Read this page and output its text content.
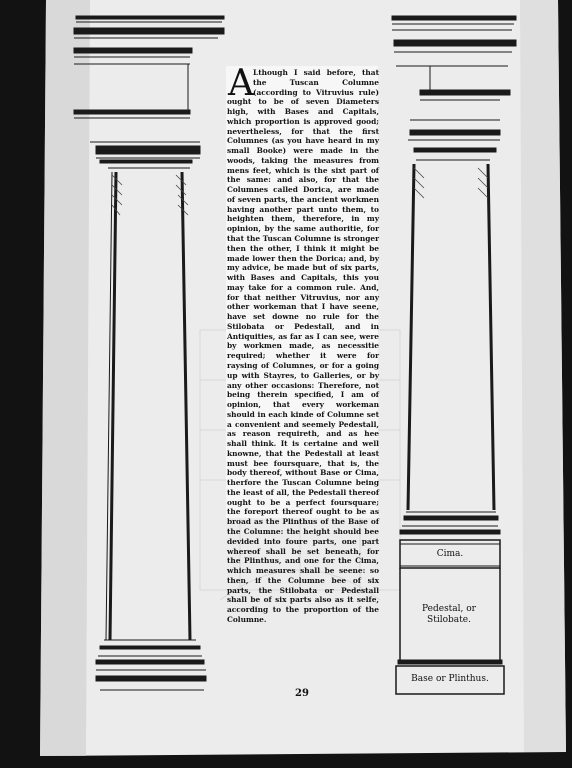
A Lthough I said before, that the Tuscan Columne (according to Vitruvius rule) ought to be of seven Diameters high, with Bases and Capitals, which proportion is approved good; nevertheless, for that the first Columnes (as you have heard in my small Booke) were made in the woods, taking the measures from mens feet, which is the sixt part of the same: and also, for that the Columnes called Dorica, are made of seven parts, the ancient workmen having another part unto them, to heighten them, therefore, in my opinion, by the same authoritie, for that the Tuscan Columne is stronger then the other, I think it might be made lower then the Dorica; and, by my advice, be made but of six parts, with Bases and Capitals, this you may take for a common rule. And, for that neither Vitruvius, nor any other workeman that I have seene, have set downe no rule for the Stilobata or Pedestall, and in Antiquities, as far as I can see, were by workmen made, as necessitie required; whether it were for raysing of Columnes, or for a going up with Stayres, to Galleries, or by any other occasions: Therefore, not being therein specified, I am of opinion, that every workeman should in each kinde of Columne set a convenient and seemely Pedestall, as reason requireth, and as hee shall think. It is certaine and well knowne, that the Pedestall at least must bee foursquare, that is, the body thereof, without Base or Cima, therfore the Tuscan Columne being the least of all, the Pedestall thereof ought to be a perfect foursquare; the foreport thereof ought to be as broad as the Plinthus of the Base of the Columne: the height should bee devided into foure parts, one part whereof shall be set beneath, for the Plinthus, and one for the Cima, which measures shall be seene: so then, if the Columne bee of six parts, the Stilobata or Pedestall shall be of six parts also as it selfe, according to the proportion of the Columne.
Cima.
Pedestal, or Stilobate.
Base or Plinthus.
29
